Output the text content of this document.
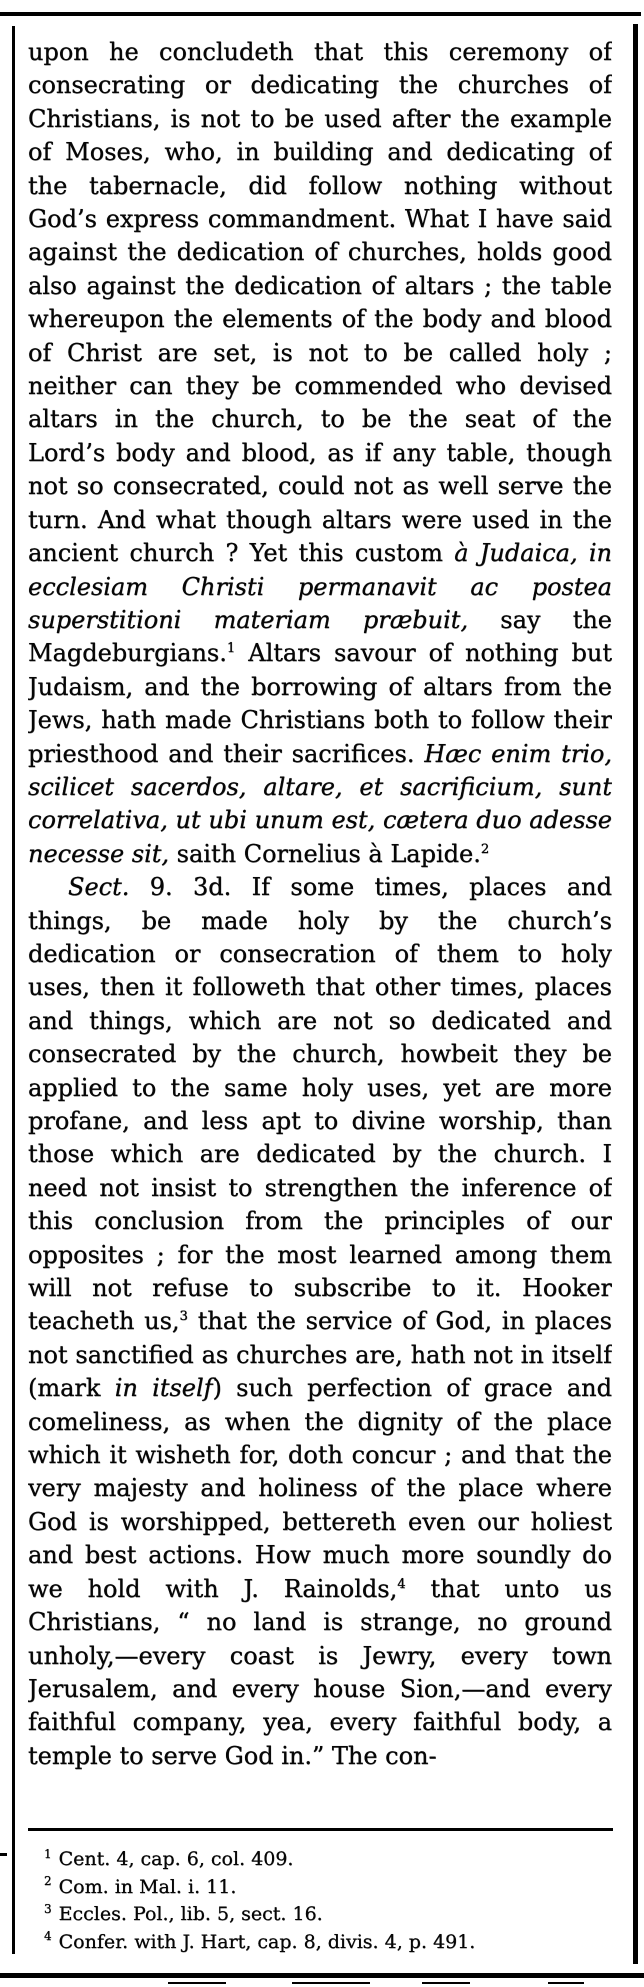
upon he concludeth that this ceremony of consecrating or dedicating the churches of Christians, is not to be used after the example of Moses, who, in building and dedicating of the tabernacle, did follow nothing without God’s express commandment. What I have said against the dedication of churches, holds good also against the dedication of altars ; the table whereupon the elements of the body and blood of Christ are set, is not to be called holy ; neither can they be commended who devised altars in the church, to be the seat of the Lord’s body and blood, as if any table, though not so consecrated, could not as well serve the turn. And what though altars were used in the ancient church ? Yet this custom à Judaica, in ecclesiam Christi permanavit ac postea superstitioni materiam præbuit, say the Magdeburgians.$^1$ Altars savour of nothing but Judaism, and the borrowing of altars from the Jews, hath made Christians both to follow their priesthood and their sacrifices. Hæc enim trio, scilicet sacerdos, altare, et sacrificium, sunt correlativa, ut ubi unum est, cætera duo adesse necesse sit, saith Cornelius à Lapide.$^2$

Sect. 9. 3d. If some times, places and things, be made holy by the church’s dedication or consecration of them to holy uses, then it followeth that other times, places and things, which are not so dedicated and consecrated by the church, howbeit they be applied to the same holy uses, yet are more profane, and less apt to divine worship, than those which are dedicated by the church. I need not insist to strengthen the inference of this conclusion from the principles of our opposites ; for the most learned among them will not refuse to subscribe to it. Hooker teacheth us,$^3$ that the service of God, in places not sanctified as churches are, hath not in itself (mark in itself) such perfection of grace and comeliness, as when the dignity of the place which it wisheth for, doth concur ; and that the very majesty and holiness of the place where God is worshipped, bettereth even our holiest and best actions. How much more soundly do we hold with J. Rainolds,$^4$ that unto us Christians, “ no land is strange, no ground unholy,—every coast is Jewry, every town Jerusalem, and every house Sion,—and every faithful company, yea, every faithful body, a temple to serve God in.” The con-

$^1$ Cent. 4, cap. 6, col. 409.
$^2$ Com. in Mal. i. 11.
$^3$ Eccles. Pol., lib. 5, sect. 16.
$^4$ Confer. with J. Hart, cap. 8, divis. 4, p. 491.
